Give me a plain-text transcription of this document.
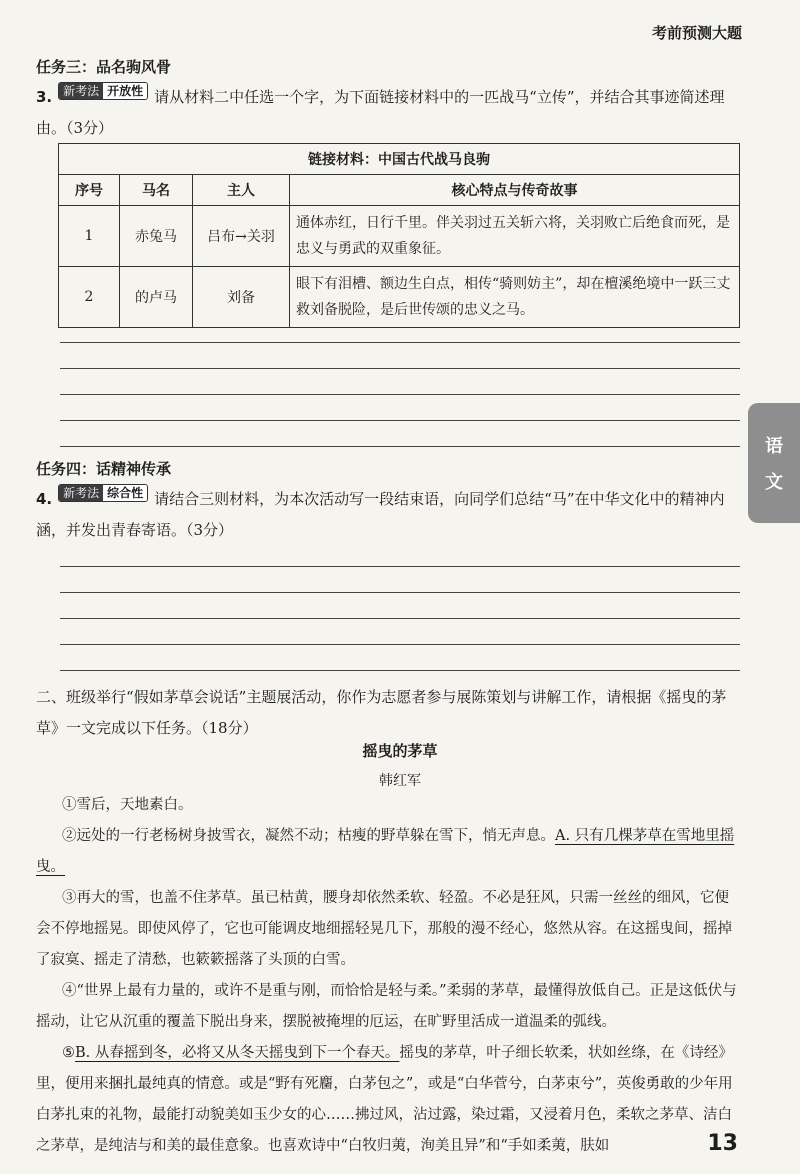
考前预测大题
任务三：品名驹风骨
3. 新考法 开放性 请从材料二中任选一个字，为下面链接材料中的一匹战马“立传”，并结合其事迹简述理由。（3分）
链接材料：中国古代战马良驹			
序号	马名	主人	核心特点与传奇故事
1	赤兔马	吕布→关羽	通体赤红，日行千里。伴关羽过五关斩六将，关羽败亡后绝食而死，是忠义与勇武的双重象征。
2	的卢马	刘备	眼下有泪槽、额边生白点，相传“骑则妨主”，却在檀溪绝境中一跃三丈救刘备脱险，是后世传颂的忠义之马。
语
文
任务四：话精神传承
4. 新考法 综合性 请结合三则材料，为本次活动写一段结束语，向同学们总结“马”在中华文化中的精神内涵，并发出青春寄语。（3分）
二、班级举行“假如茅草会说话”主题展活动，你作为志愿者参与展陈策划与讲解工作，请根据《摇曳的茅草》一文完成以下任务。（18分）
摇曳的茅草
韩红军
①雪后，天地素白。
②远处的一行老杨树身披雪衣，凝然不动；枯瘦的野草躲在雪下，悄无声息。A. 只有几棵茅草在雪地里摇曳。
③再大的雪，也盖不住茅草。虽已枯黄，腰身却依然柔软、轻盈。不必是狂风，只需一丝丝的细风，它便会不停地摇晃。即使风停了，它也可能调皮地细摇轻晃几下，那般的漫不经心，悠然从容。在这摇曳间，摇掉了寂寞、摇走了清愁，也簌簌摇落了头顶的白雪。
④“世界上最有力量的，或许不是重与刚，而恰恰是轻与柔。”柔弱的茅草，最懂得放低自己。正是这低伏与摇动，让它从沉重的覆盖下脱出身来，摆脱被掩埋的厄运，在旷野里活成一道温柔的弧线。
⑤B. 从春摇到冬，必将又从冬天摇曳到下一个春天。摇曳的茅草，叶子细长软柔，状如丝绦，在《诗经》里，便用来捆扎最纯真的情意。或是“野有死麕，白茅包之”，或是“白华菅兮，白茅束兮”，英俊勇敢的少年用白茅扎束的礼物，最能打动貌美如玉少女的心……拂过风，沾过露，染过霜，又浸着月色，柔软之茅草、洁白之茅草，是纯洁与和美的最佳意象。也喜欢诗中“白牧归荑，洵美且异”和“手如柔荑，肤如	13
